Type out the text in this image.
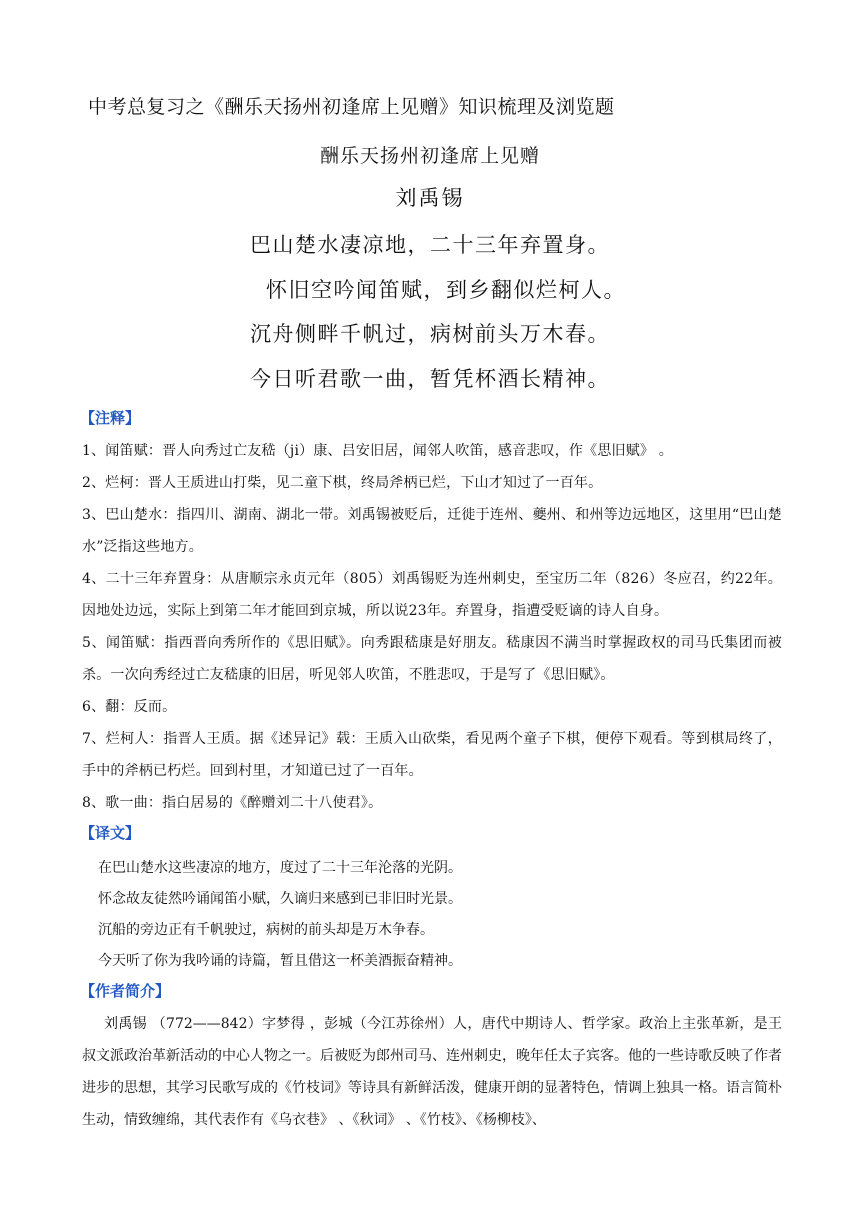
中考总复习之《酬乐天扬州初逢席上见赠》知识梳理及浏览题
酬乐天扬州初逢席上见赠
刘禹锡
巴山楚水凄凉地，二十三年弃置身。
怀旧空吟闻笛赋，到乡翻似烂柯人。
沉舟侧畔千帆过，病树前头万木春。
今日听君歌一曲，暂凭杯酒长精神。
【注释】
1、闻笛赋：晋人向秀过亡友嵇（ji）康、吕安旧居，闻邻人吹笛，感音悲叹，作《思旧赋》 。
2、烂柯：晋人王质进山打柴，见二童下棋，终局斧柄已烂，下山才知过了一百年。
3、巴山楚水：指四川、湖南、湖北一带。刘禹锡被贬后，迁徙于连州、夔州、和州等边远地区，这里用“巴山楚水”泛指这些地方。
4、二十三年弃置身：从唐顺宗永贞元年（805）刘禹锡贬为连州刺史，至宝历二年（826）冬应召，约22年。因地处边远，实际上到第二年才能回到京城，所以说23年。弃置身，指遭受贬谪的诗人自身。
5、闻笛赋：指西晋向秀所作的《思旧赋》。向秀跟嵇康是好朋友。嵇康因不满当时掌握政权的司马氏集团而被杀。一次向秀经过亡友嵇康的旧居，听见邻人吹笛，不胜悲叹，于是写了《思旧赋》。
6、翻：反而。
7、烂柯人：指晋人王质。据《述异记》载：王质入山砍柴，看见两个童子下棋，便停下观看。等到棋局终了，手中的斧柄已朽烂。回到村里，才知道已过了一百年。
8、歌一曲：指白居易的《醉赠刘二十八使君》。
【译文】
在巴山楚水这些凄凉的地方，度过了二十三年沦落的光阴。
怀念故友徒然吟诵闻笛小赋，久谪归来感到已非旧时光景。
沉船的旁边正有千帆驶过，病树的前头却是万木争春。
今天听了你为我吟诵的诗篇，暂且借这一杯美酒振奋精神。
【作者简介】
刘禹锡 （772——842）字梦得 ，彭城（今江苏徐州）人，唐代中期诗人、哲学家。政治上主张革新，是王叔文派政治革新活动的中心人物之一。后被贬为郎州司马、连州刺史，晚年任太子宾客。他的一些诗歌反映了作者进步的思想，其学习民歌写成的《竹枝词》等诗具有新鲜活泼，健康开朗的显著特色，情调上独具一格。语言简朴生动，情致缠绵，其代表作有《乌衣巷》 、《秋词》 、《竹枝》、《杨柳枝》、
